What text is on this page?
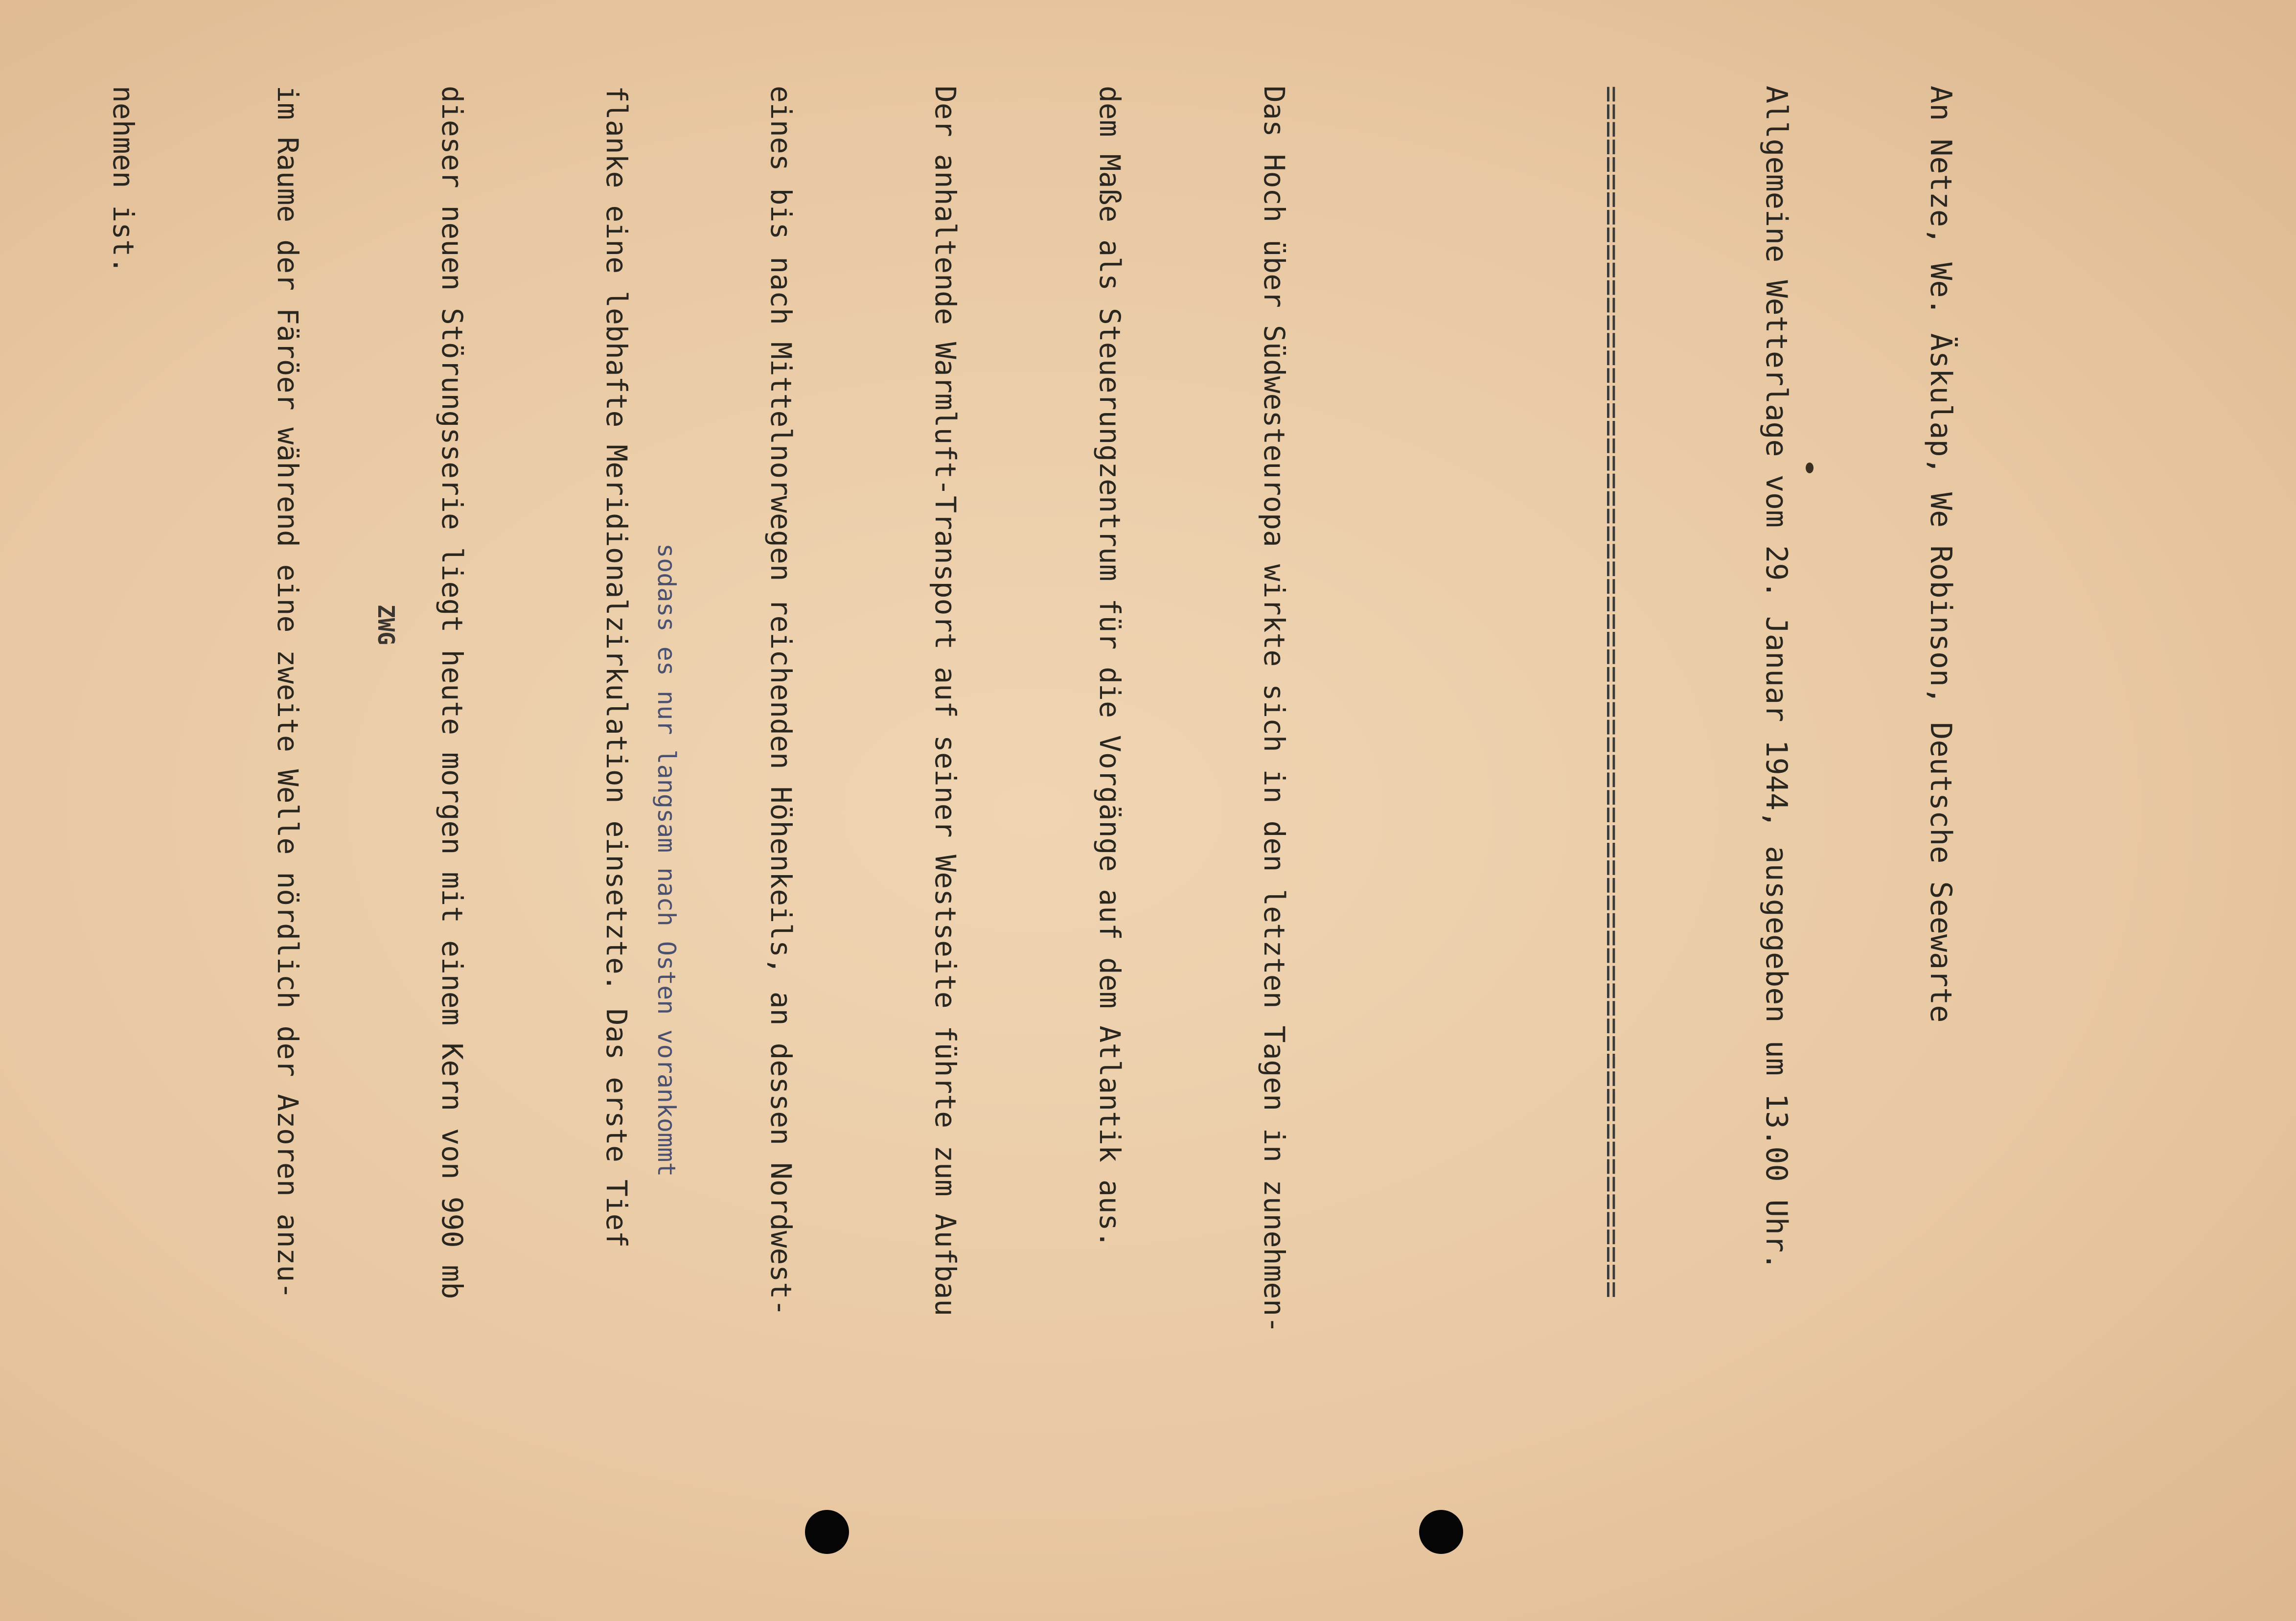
An Netze, We. Äskulap, We Robinson, Deutsche Seewarte

Allgemeine Wetterlage vom 29. Januar 1944, ausgegeben um 13.00 Uhr.

=====================================================================

Das Hoch über Südwesteuropa wirkte sich in den letzten Tagen in zunehmen-

dem Maße als Steuerungzentrum für die Vorgänge auf dem Atlantik aus.

Der anhaltende Warmluft-Transport auf seiner Westseite führte zum Aufbau

eines bis nach Mittelnorwegen reichenden Höhenkeils, an dessen Nordwest-

flanke eine lebhafte Meridionalzirkulation einsetzte. Das erste Tief

dieser neuen Störungsserie liegt heute morgen mit einem Kern von 990 mb

im Raume der Färöer während eine zweite Welle nördlich der Azoren anzu-

nehmen ist.

ZWG	sodass es nur langsam nach Osten vorankommt
